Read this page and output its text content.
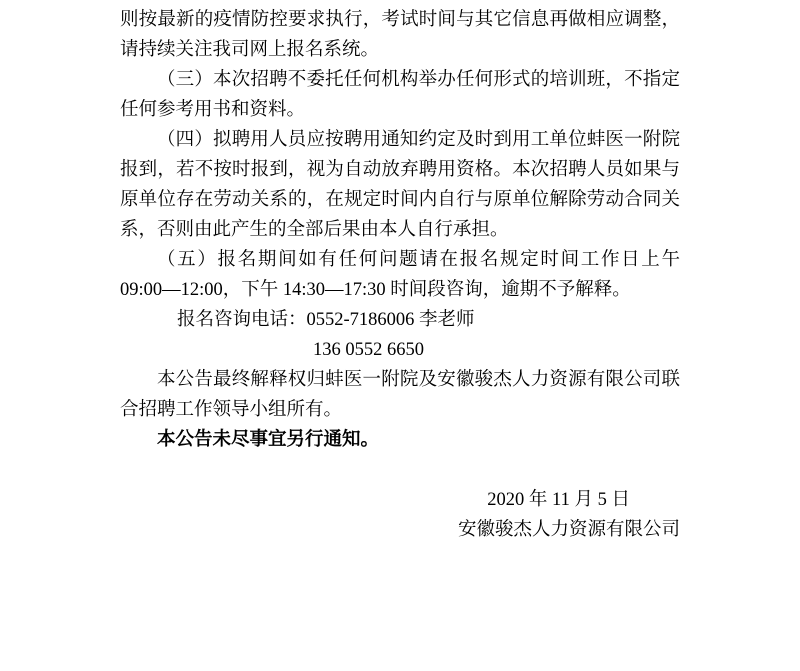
则按最新的疫情防控要求执行，考试时间与其它信息再做相应调整，请持续关注我司网上报名系统。

（三）本次招聘不委托任何机构举办任何形式的培训班，不指定任何参考用书和资料。

（四）拟聘用人员应按聘用通知约定及时到用工单位蚌医一附院报到，若不按时报到，视为自动放弃聘用资格。本次招聘人员如果与原单位存在劳动关系的，在规定时间内自行与原单位解除劳动合同关系，否则由此产生的全部后果由本人自行承担。

（五）报名期间如有任何问题请在报名规定时间工作日上午09:00—12:00，下午 14:30—17:30 时间段咨询，逾期不予解释。

报名咨询电话：0552-7186006 李老师

136 0552 6650

本公告最终解释权归蚌医一附院及安徽骏杰人力资源有限公司联合招聘工作领导小组所有。

本公告未尽事宜另行通知。

2020 年 11 月 5 日

安徽骏杰人力资源有限公司
